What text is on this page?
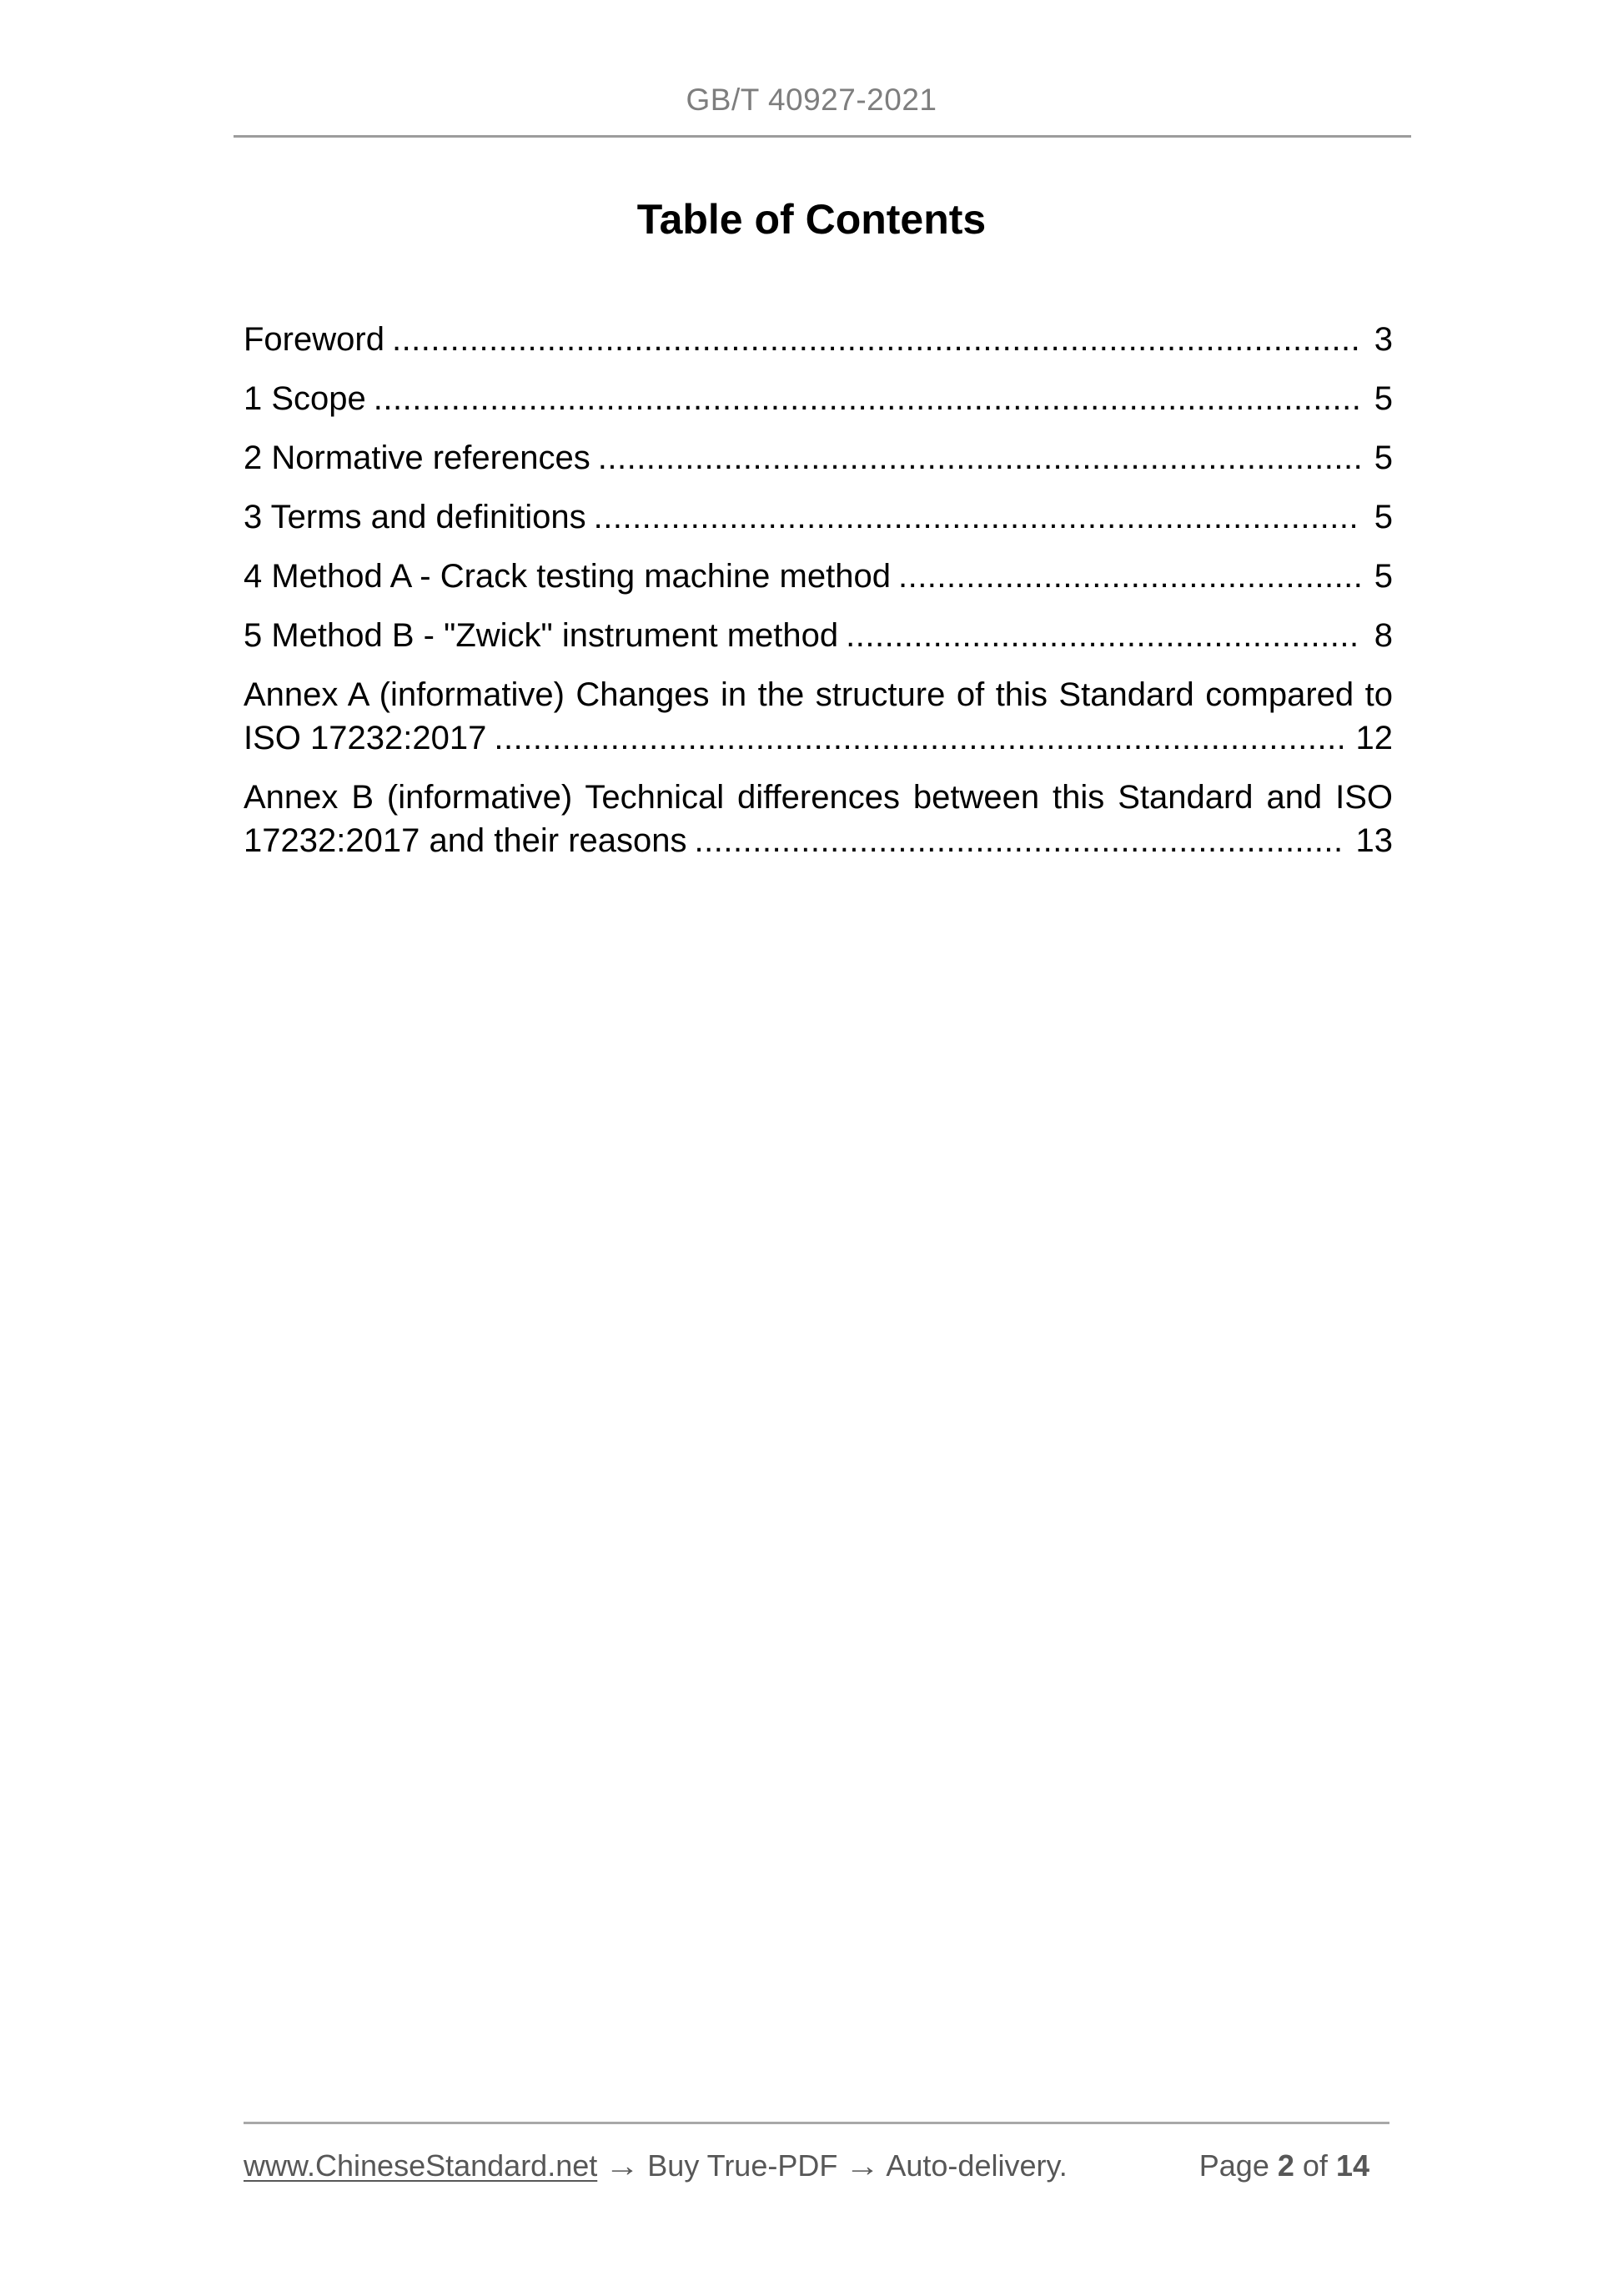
GB/T 40927-2021
Table of Contents
Foreword	3
1 Scope	5
2 Normative references	5
3 Terms and definitions	5
4 Method A - Crack testing machine method	5
5 Method B - "Zwick" instrument method	8
Annex A (informative) Changes in the structure of this Standard compared to ISO 17232:2017	12
Annex B (informative) Technical differences between this Standard and ISO 17232:2017 and their reasons	13
www.ChineseStandard.net → Buy True-PDF → Auto-delivery.	Page 2 of 14
